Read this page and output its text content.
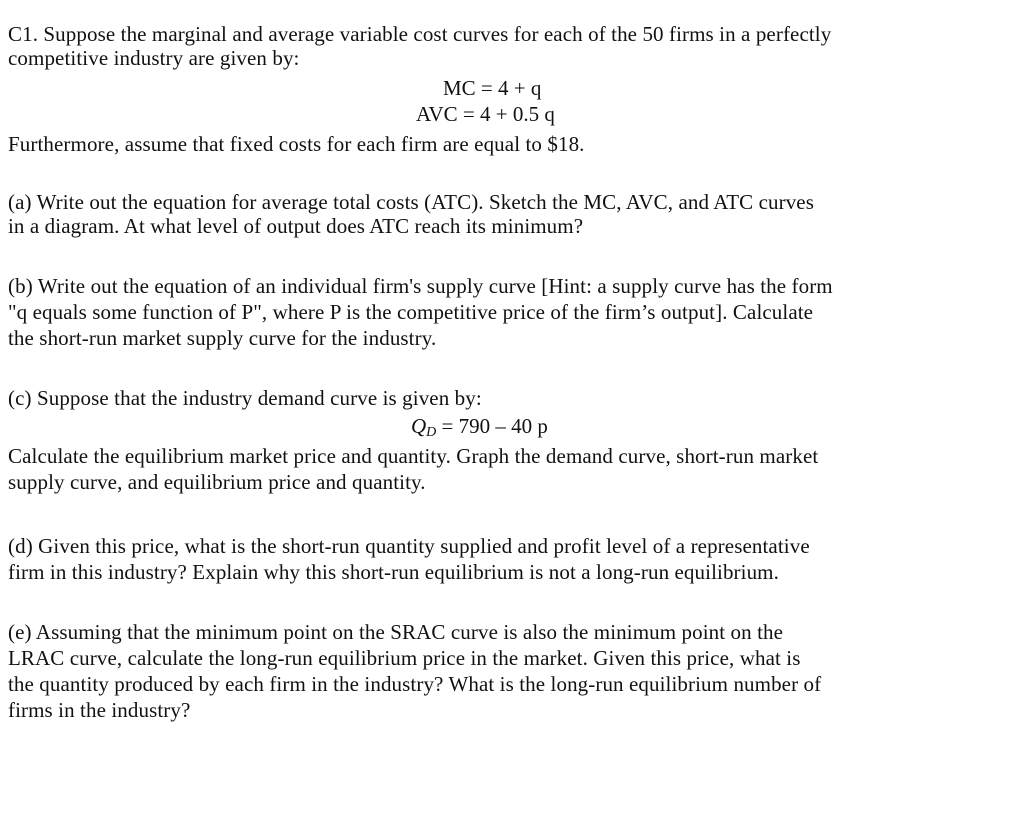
C1. Suppose the marginal and average variable cost curves for each of the 50 firms in a perfectly
competitive industry are given by:
MC = 4 + q
AVC = 4 + 0.5 q
Furthermore, assume that fixed costs for each firm are equal to $18.
(a) Write out the equation for average total costs (ATC). Sketch the MC, AVC, and ATC curves
in a diagram. At what level of output does ATC reach its minimum?
(b) Write out the equation of an individual firm's supply curve [Hint: a supply curve has the form
"q equals some function of P", where P is the competitive price of the firm’s output]. Calculate
the short-run market supply curve for the industry.
(c) Suppose that the industry demand curve is given by:
$Q_D = 790 - 40$ p
Calculate the equilibrium market price and quantity. Graph the demand curve, short-run market
supply curve, and equilibrium price and quantity.
(d) Given this price, what is the short-run quantity supplied and profit level of a representative
firm in this industry? Explain why this short-run equilibrium is not a long-run equilibrium.
(e) Assuming that the minimum point on the SRAC curve is also the minimum point on the
LRAC curve, calculate the long-run equilibrium price in the market. Given this price, what is
the quantity produced by each firm in the industry? What is the long-run equilibrium number of
firms in the industry?
